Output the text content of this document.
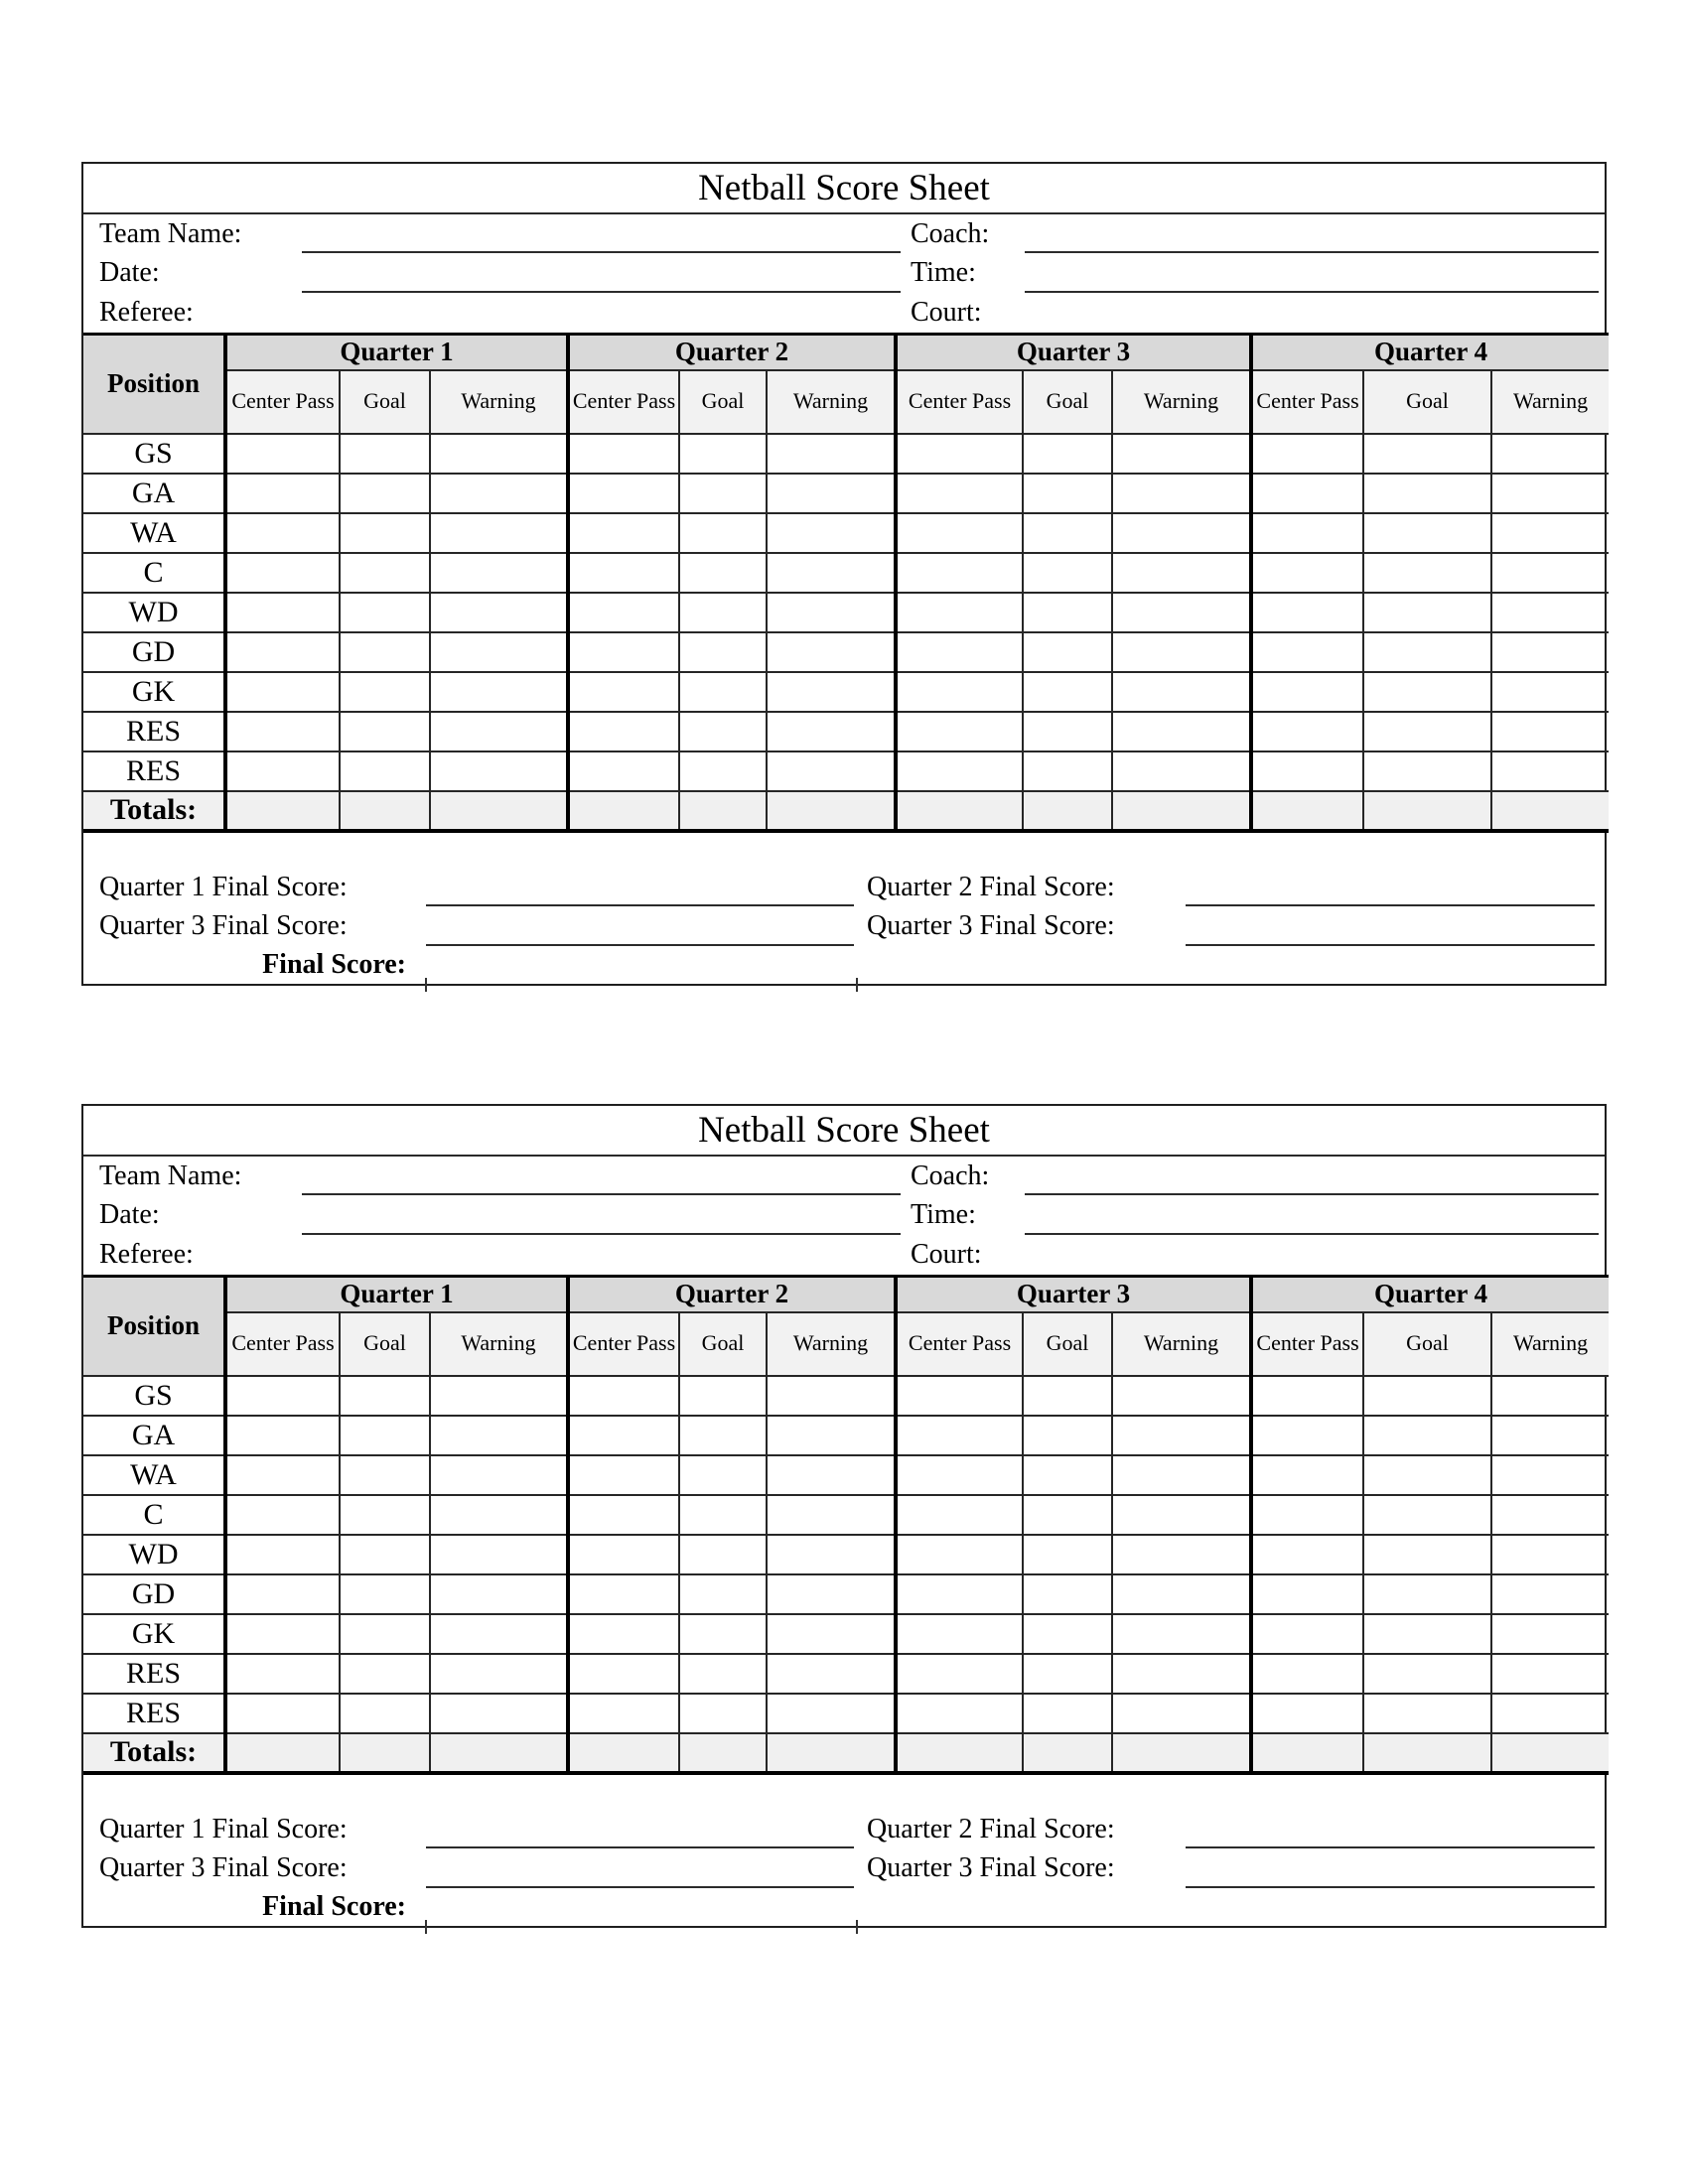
Netball Score Sheet
Team Name:	Coach:
Date:	Time:
Referee:	Court:
Position	Quarter 1			Quarter 2			Quarter 3			Quarter 4		
	Center Pass	Goal	Warning	Center Pass	Goal	Warning	Center Pass	Goal	Warning	Center Pass	Goal	Warning
GS												
GA												
WA												
C												
WD												
GD												
GK												
RES												
RES												
Totals:												
Quarter 1 Final Score:	Quarter 2 Final Score:
Quarter 3 Final Score:	Quarter 3 Final Score:
Final Score:
Netball Score Sheet
Team Name:	Coach:
Date:	Time:
Referee:	Court:
Position	Quarter 1			Quarter 2			Quarter 3			Quarter 4		
	Center Pass	Goal	Warning	Center Pass	Goal	Warning	Center Pass	Goal	Warning	Center Pass	Goal	Warning
GS												
GA												
WA												
C												
WD												
GD												
GK												
RES												
RES												
Totals:												
Quarter 1 Final Score:	Quarter 2 Final Score:
Quarter 3 Final Score:	Quarter 3 Final Score:
Final Score:
